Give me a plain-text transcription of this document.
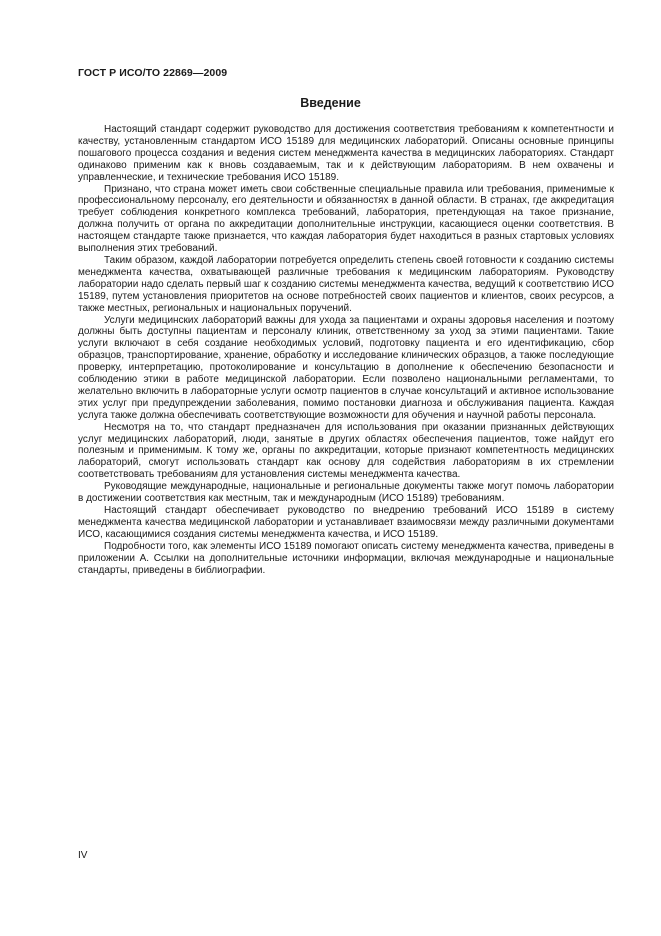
ГОСТ Р ИСО/ТО 22869—2009
Введение

Настоящий стандарт содержит руководство для достижения соответствия требованиям к компетентности и качеству, установленным стандартом ИСО 15189 для медицинских лабораторий. Описаны основные принципы пошагового процесса создания и ведения систем менеджмента качества в медицинских лабораториях. Стандарт одинаково применим как к вновь создаваемым, так и к действующим лабораториям. В нем охвачены и управленческие, и технические требования ИСО 15189.

Признано, что страна может иметь свои собственные специальные правила или требования, применимые к профессиональному персоналу, его деятельности и обязанностях в данной области. В странах, где аккредитация требует соблюдения конкретного комплекса требований, лаборатория, претендующая на такое признание, должна получить от органа по аккредитации дополнительные инструкции, касающиеся оценки соответствия. В настоящем стандарте также признается, что каждая лаборатория будет находиться в разных стартовых условиях выполнения этих требований.

Таким образом, каждой лаборатории потребуется определить степень своей готовности к созданию системы менеджмента качества, охватывающей различные требования к медицинским лабораториям. Руководству лаборатории надо сделать первый шаг к созданию системы менеджмента качества, ведущий к соответствию ИСО 15189, путем установления приоритетов на основе потребностей своих пациентов и клиентов, своих ресурсов, а также местных, региональных и национальных поручений.

Услуги медицинских лабораторий важны для ухода за пациентами и охраны здоровья населения и поэтому должны быть доступны пациентам и персоналу клиник, ответственному за уход за этими пациентами. Такие услуги включают в себя создание необходимых условий, подготовку пациента и его идентификацию, сбор образцов, транспортирование, хранение, обработку и исследование клинических образцов, а также последующие проверку, интерпретацию, протоколирование и консультацию в дополнение к обеспечению безопасности и соблюдению этики в работе медицинской лаборатории. Если позволено национальными регламентами, то желательно включить в лабораторные услуги осмотр пациентов в случае консультаций и активное использование этих услуг при предупреждении заболевания, помимо постановки диагноза и обслуживания пациента. Каждая услуга также должна обеспечивать соответствующие возможности для обучения и научной работы персонала.

Несмотря на то, что стандарт предназначен для использования при оказании признанных действующих услуг медицинских лабораторий, люди, занятые в других областях обеспечения пациентов, тоже найдут его полезным и применимым. К тому же, органы по аккредитации, которые признают компетентность медицинских лабораторий, смогут использовать стандарт как основу для содействия лабораториям в их стремлении соответствовать требованиям для установления системы менеджмента качества.

Руководящие международные, национальные и региональные документы также могут помочь лаборатории в достижении соответствия как местным, так и международным (ИСО 15189) требованиям.

Настоящий стандарт обеспечивает руководство по внедрению требований ИСО 15189 в систему менеджмента качества медицинской лаборатории и устанавливает взаимосвязи между различными документами ИСО, касающимися создания системы менеджмента качества, и ИСО 15189.

Подробности того, как элементы ИСО 15189 помогают описать систему менеджмента качества, приведены в приложении А. Ссылки на дополнительные источники информации, включая международные и национальные стандарты, приведены в библиографии.

IV
